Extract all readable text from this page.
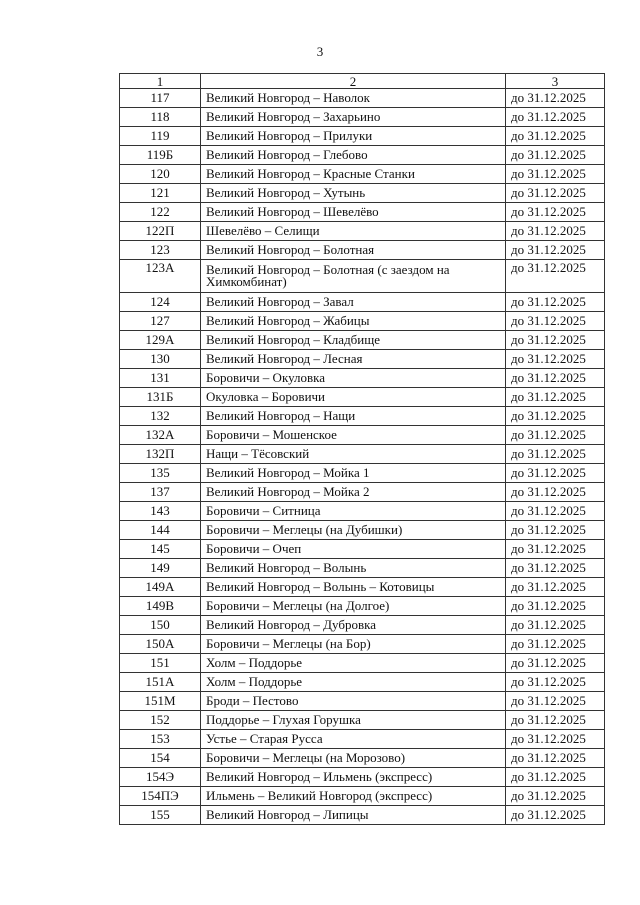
3
1	2	3
117	Великий Новгород – Наволок	до 31.12.2025
118	Великий Новгород – Захарьино	до 31.12.2025
119	Великий Новгород – Прилуки	до 31.12.2025
119Б	Великий Новгород – Глебово	до 31.12.2025
120	Великий Новгород – Красные Станки	до 31.12.2025
121	Великий Новгород – Хутынь	до 31.12.2025
122	Великий Новгород – Шевелёво	до 31.12.2025
122П	Шевелёво – Селищи	до 31.12.2025
123	Великий Новгород – Болотная	до 31.12.2025
123А	Великий Новгород – Болотная (с заездом на Химкомбинат)	до 31.12.2025
124	Великий Новгород – Завал	до 31.12.2025
127	Великий Новгород – Жабицы	до 31.12.2025
129А	Великий Новгород – Кладбище	до 31.12.2025
130	Великий Новгород – Лесная	до 31.12.2025
131	Боровичи – Окуловка	до 31.12.2025
131Б	Окуловка – Боровичи	до 31.12.2025
132	Великий Новгород – Нащи	до 31.12.2025
132А	Боровичи – Мошенское	до 31.12.2025
132П	Нащи – Тёсовский	до 31.12.2025
135	Великий Новгород – Мойка 1	до 31.12.2025
137	Великий Новгород – Мойка 2	до 31.12.2025
143	Боровичи – Ситница	до 31.12.2025
144	Боровичи – Меглецы (на Дубишки)	до 31.12.2025
145	Боровичи – Очеп	до 31.12.2025
149	Великий Новгород – Волынь	до 31.12.2025
149А	Великий Новгород – Волынь – Котовицы	до 31.12.2025
149В	Боровичи – Меглецы (на Долгое)	до 31.12.2025
150	Великий Новгород – Дубровка	до 31.12.2025
150А	Боровичи – Меглецы (на Бор)	до 31.12.2025
151	Холм – Поддорье	до 31.12.2025
151А	Холм – Поддорье	до 31.12.2025
151М	Броди – Пестово	до 31.12.2025
152	Поддорье – Глухая Горушка	до 31.12.2025
153	Устье – Старая Русса	до 31.12.2025
154	Боровичи – Меглецы (на Морозово)	до 31.12.2025
154Э	Великий Новгород – Ильмень (экспресс)	до 31.12.2025
154ПЭ	Ильмень – Великий Новгород (экспресс)	до 31.12.2025
155	Великий Новгород – Липицы	до 31.12.2025
